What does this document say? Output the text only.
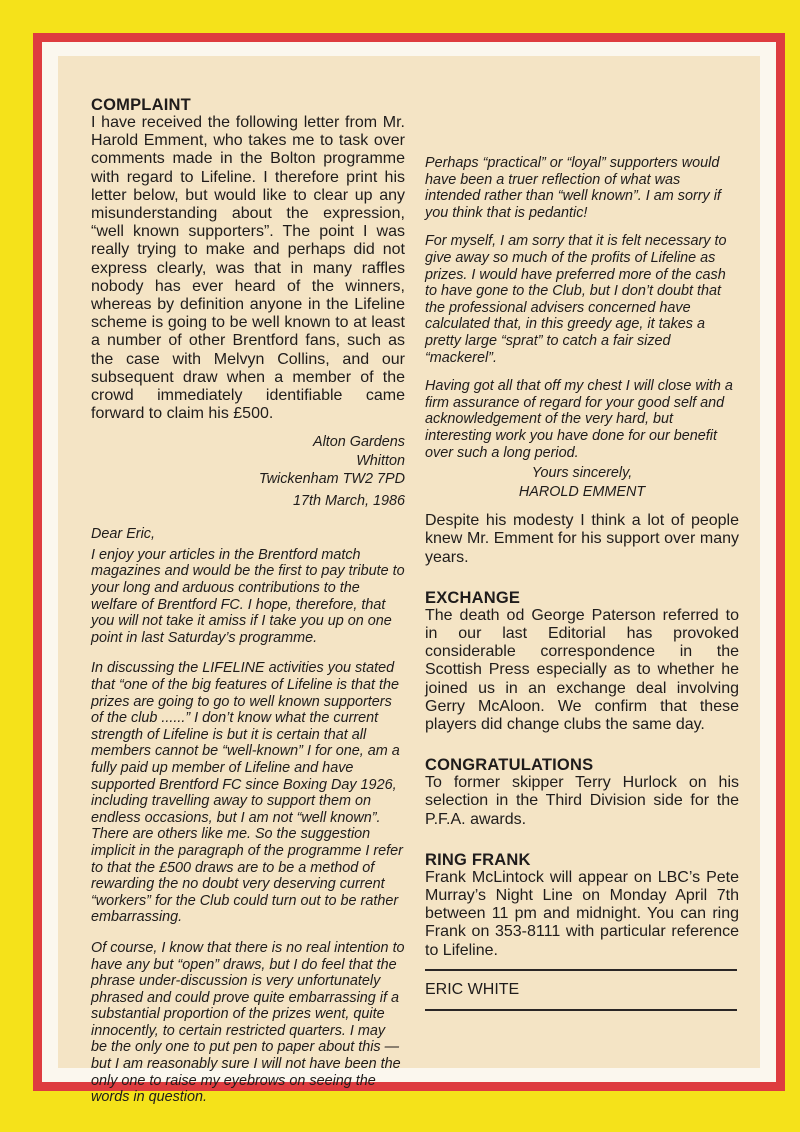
COMPLAINT

I have received the following letter from Mr. Harold Emment, who takes me to task over comments made in the Bolton programme with regard to Lifeline. I therefore print his letter below, but would like to clear up any misunderstanding about the expression, “well known supporters”. The point I was really trying to make and perhaps did not express clearly, was that in many raffles nobody has ever heard of the winners, whereas by definition anyone in the Lifeline scheme is going to be well known to at least a number of other Brentford fans, such as the case with Melvyn Collins, and our subsequent draw when a member of the crowd immediately identifiable came forward to claim his £500.

Alton Gardens

Whitton

Twickenham TW2 7PD

17th March, 1986

Dear Eric,

I enjoy your articles in the Brentford match magazines and would be the first to pay tribute to your long and arduous contributions to the welfare of Brentford FC. I hope, therefore, that you will not take it amiss if I take you up on one point in last Saturday’s programme.

In discussing the LIFELINE activities you stated that “one of the big features of Lifeline is that the prizes are going to go to well known supporters of the club ......” I don’t know what the current strength of Lifeline is but it is certain that all members cannot be “well-known” I for one, am a fully paid up member of Lifeline and have supported Brentford FC since Boxing Day 1926, including travelling away to support them on endless occasions, but I am not “well known”. There are others like me. So the suggestion implicit in the paragraph of the programme I refer to that the £500 draws are to be a method of rewarding the no doubt very deserving current “workers” for the Club could turn out to be rather embarrassing.

Of course, I know that there is no real intention to have any but “open” draws, but I do feel that the phrase under-discussion is very unfortunately phrased and could prove quite embarrassing if a substantial proportion of the prizes went, quite innocently, to certain restricted quarters. I may be the only one to put pen to paper about this — but I am reasonably sure I will not have been the only one to raise my eyebrows on seeing the words in question.

Perhaps “practical” or “loyal” supporters would have been a truer reflection of what was intended rather than “well known”. I am sorry if you think that is pedantic!

For myself, I am sorry that it is felt necessary to give away so much of the profits of Lifeline as prizes. I would have preferred more of the cash to have gone to the Club, but I don’t doubt that the professional advisers concerned have calculated that, in this greedy age, it takes a pretty large “sprat” to catch a fair sized “mackerel”.

Having got all that off my chest I will close with a firm assurance of regard for your good self and acknowledgement of the very hard, but interesting work you have done for our benefit over such a long period.

Yours sincerely,

HAROLD EMMENT

Despite his modesty I think a lot of people knew Mr. Emment for his support over many years.

EXCHANGE

The death od George Paterson referred to in our last Editorial has provoked considerable correspondence in the Scottish Press especially as to whether he joined us in an exchange deal involving Gerry McAloon. We confirm that these players did change clubs the same day.

CONGRATULATIONS

To former skipper Terry Hurlock on his selection in the Third Division side for the P.F.A. awards.

RING FRANK

Frank McLintock will appear on LBC’s Pete Murray’s Night Line on Monday April 7th between 11 pm and midnight. You can ring Frank on 353-8111 with particular reference to Lifeline.

ERIC WHITE
